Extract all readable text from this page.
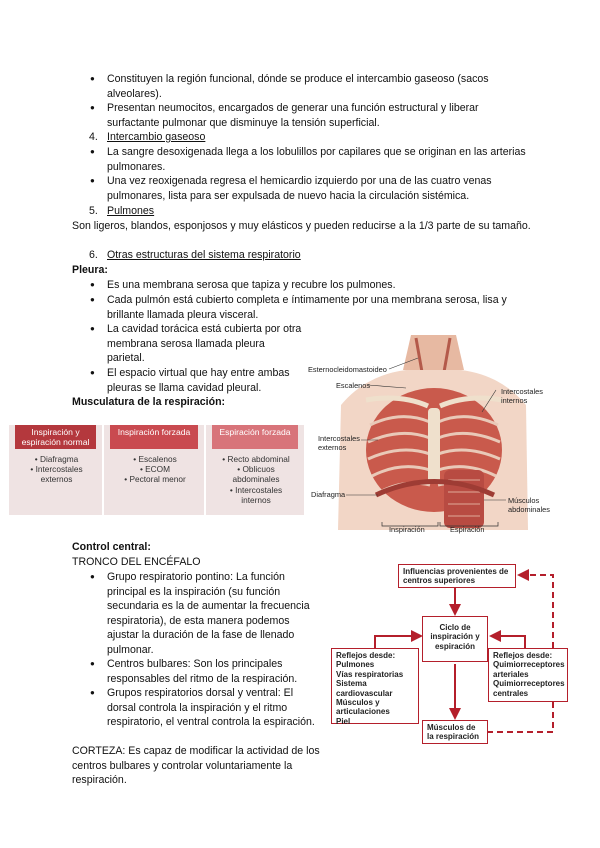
● Constituyen la región funcional, dónde se produce el intercambio gaseoso (sacos alveolares).
● Presentan neumocitos, encargados de generar una función estructural y liberar surfactante pulmonar que disminuye la tensión superficial.
4. Intercambio gaseoso
● La sangre desoxigenada llega a los lobulillos por capilares que se originan en las arterias pulmonares.
● Una vez reoxigenada regresa el hemicardio izquierdo por una de las cuatro venas pulmonares, lista para ser expulsada de nuevo hacia la circulación sistémica.
5. Pulmones
Son ligeros, blandos, esponjosos y muy elásticos y pueden reducirse a la 1/3 parte de su tamaño.
6. Otras estructuras del sistema respiratorio
Pleura:
● Es una membrana serosa que tapiza y recubre los pulmones.
● Cada pulmón está cubierto completa e íntimamente por una membrana serosa, lisa y brillante llamada pleura visceral.
● La cavidad torácica está cubierta por otra membrana serosa llamada pleura parietal.
● El espacio virtual que hay entre ambas pleuras se llama cavidad pleural.
Musculatura de la respiración:
Inspiración y espiración normal
• Diafragma
• Intercostales externos
Inspiración forzada
• Escalenos
• ECOM
• Pectoral menor
Espiración forzada
• Recto abdominal
• Oblicuos abdominales
• Intercostales internos
Esternocleidomastoideo
Escalenos
Intercostales internos
Intercostales externos
Diafragma
Músculos abdominales
Inspiración	Espiración
Control central:
TRONCO DEL ENCÉFALO
● Grupo respiratorio pontino: La función principal es la inspiración (su función secundaria es la de aumentar la frecuencia respiratoria), de esta manera podemos ajustar la duración de la fase de llenado pulmonar.
● Centros bulbares: Son los principales responsables del ritmo de la respiración.
● Grupos respiratorios dorsal y ventral: El dorsal controla la inspiración y el ritmo respiratorio, el ventral controla la espiración.
CORTEZA: Es capaz de modificar la actividad de los centros bulbares y controlar voluntariamente la respiración.
Influencias provenientes de centros superiores
Ciclo de inspiración y espiración
Reflejos desde:
Pulmones
Vías respiratorias
Sistema cardiovascular
Músculos y articulaciones
Piel
Reflejos desde:
Quimiorreceptores arteriales
Quimiorreceptores centrales
Músculos de la respiración
